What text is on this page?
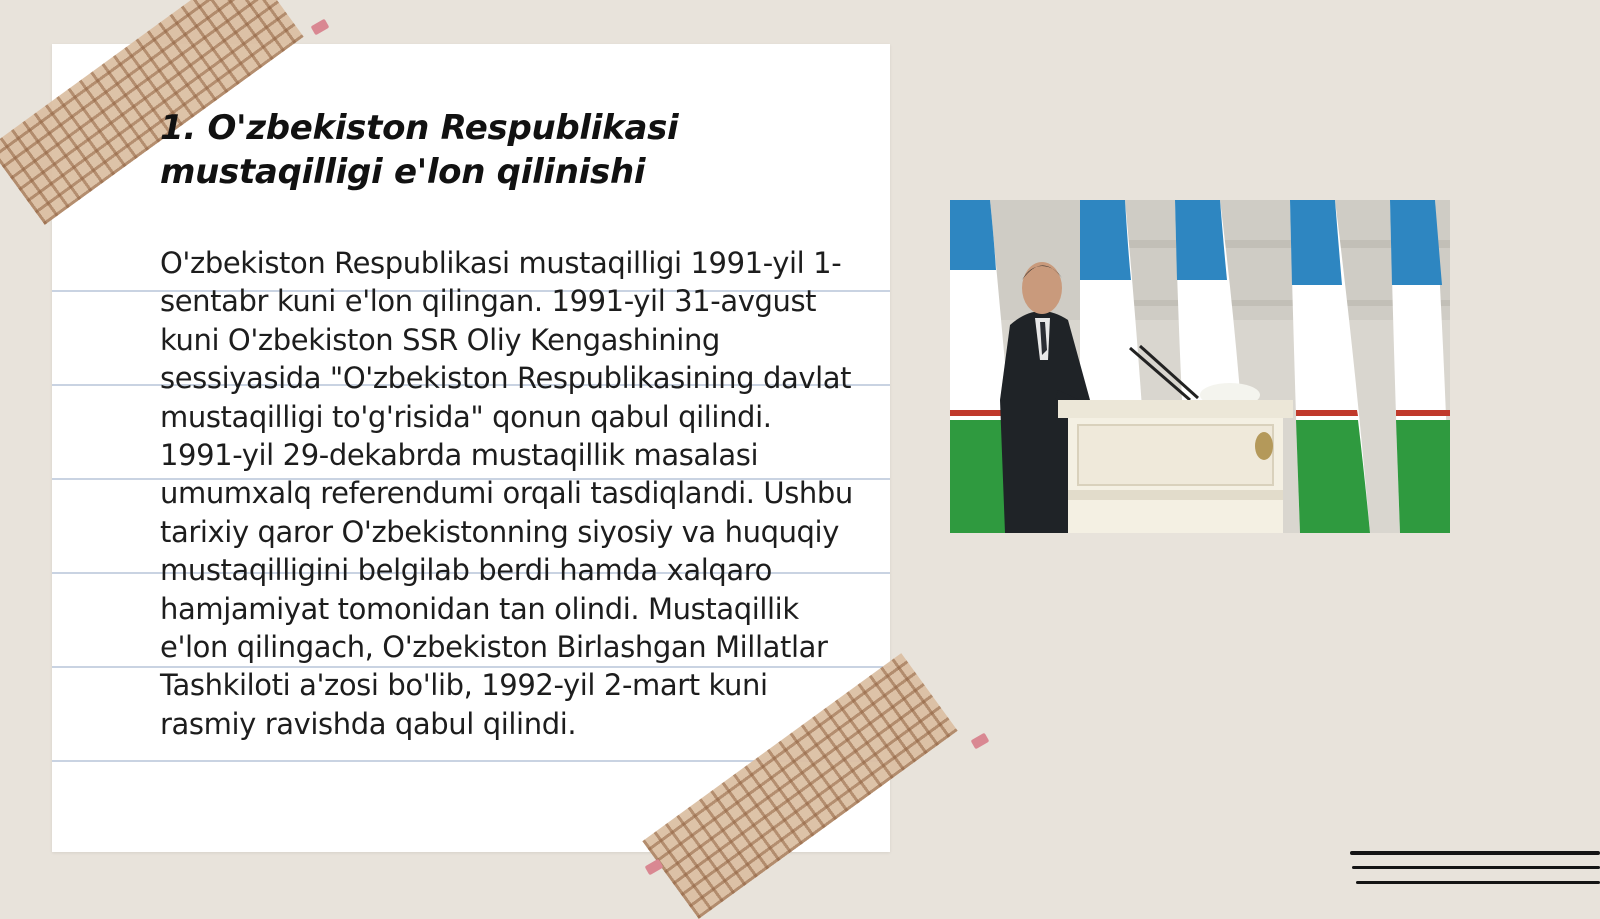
1. O'zbekiston Respublikasi mustaqilligi e'lon qilinishi

O'zbekiston Respublikasi mustaqilligi 1991-yil 1-sentabr kuni e'lon qilingan. 1991-yil 31-avgust kuni O'zbekiston SSR Oliy Kengashining sessiyasida "O'zbekiston Respublikasining davlat mustaqilligi to'g'risida" qonun qabul qilindi. 1991-yil 29-dekabrda mustaqillik masalasi umumxalq referendumi orqali tasdiqlandi. Ushbu tarixiy qaror O'zbekistonning siyosiy va huquqiy mustaqilligini belgilab berdi hamda xalqaro hamjamiyat tomonidan tan olindi. Mustaqillik e'lon qilingach, O'zbekiston Birlashgan Millatlar Tashkiloti a'zosi bo'lib, 1992-yil 2-mart kuni rasmiy ravishda qabul qilindi.
